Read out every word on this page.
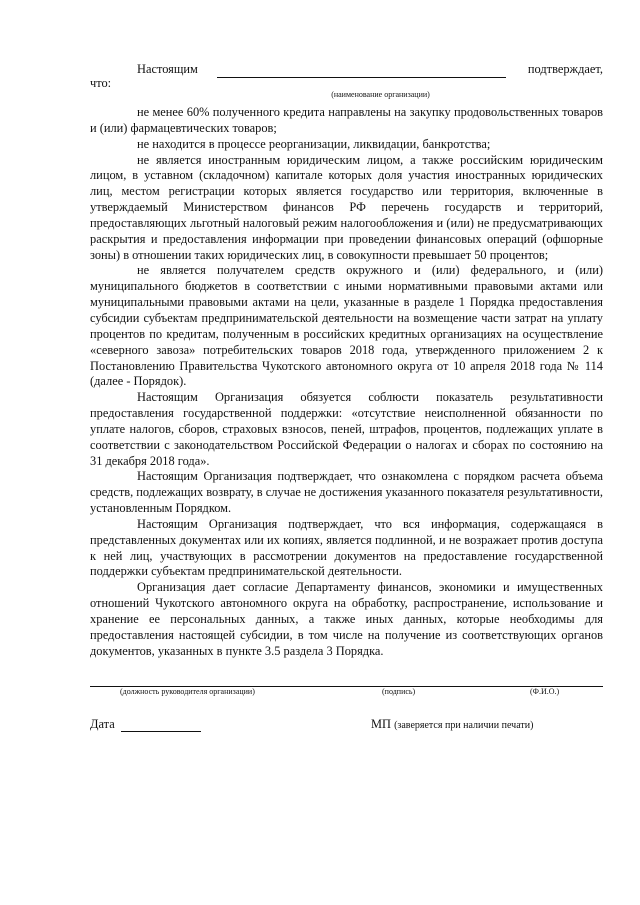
Настоящим	подтверждает,
что:
(наименование организации)

не менее 60% полученного кредита направлены на закупку продовольственных товаров и (или) фармацевтических товаров;

не находится в процессе реорганизации, ликвидации, банкротства;

не является иностранным юридическим лицом, а также российским юридическим лицом, в уставном (складочном) капитале которых доля участия иностранных юридических лиц, местом регистрации которых является государство или территория, включенные в утверждаемый Министерством финансов РФ перечень государств и территорий, предоставляющих льготный налоговый режим налогообложения и (или) не предусматривающих раскрытия и предоставления информации при проведении финансовых операций (офшорные зоны) в отношении таких юридических лиц, в совокупности превышает 50 процентов;

не является получателем средств окружного и (или) федерального, и (или) муниципального бюджетов в соответствии с иными нормативными правовыми актами или муниципальными правовыми актами на цели, указанные в разделе 1 Порядка предоставления субсидии субъектам предпринимательской деятельности на возмещение части затрат на уплату процентов по кредитам, полученным в российских кредитных организациях на осуществление «северного завоза» потребительских товаров 2018 года, утвержденного приложением 2 к Постановлению Правительства Чукотского автономного округа от 10 апреля 2018 года № 114 (далее - Порядок).

Настоящим Организация обязуется соблюсти показатель результативности предоставления государственной поддержки: «отсутствие неисполненной обязанности по уплате налогов, сборов, страховых взносов, пеней, штрафов, процентов, подлежащих уплате в соответствии с законодательством Российской Федерации о налогах и сборах по состоянию на 31 декабря 2018 года».

Настоящим Организация подтверждает, что ознакомлена с порядком расчета объема средств, подлежащих возврату, в случае не достижения указанного показателя результативности, установленным Порядком.

Настоящим Организация подтверждает, что вся информация, содержащаяся в представленных документах или их копиях, является подлинной, и не возражает против доступа к ней лиц, участвующих в рассмотрении документов на предоставление государственной поддержки субъектам предпринимательской деятельности.

Организация дает согласие Департаменту финансов, экономики и имущественных отношений Чукотского автономного округа на обработку, распространение, использование и хранение ее персональных данных, а также иных данных, которые необходимы для предоставления настоящей субсидии, в том числе на получение из соответствующих органов документов, указанных в пункте 3.5 раздела 3 Порядка.

(должность руководителя организации)	(подпись)	(Ф.И.О.)
Дата	МП (заверяется при наличии печати)
